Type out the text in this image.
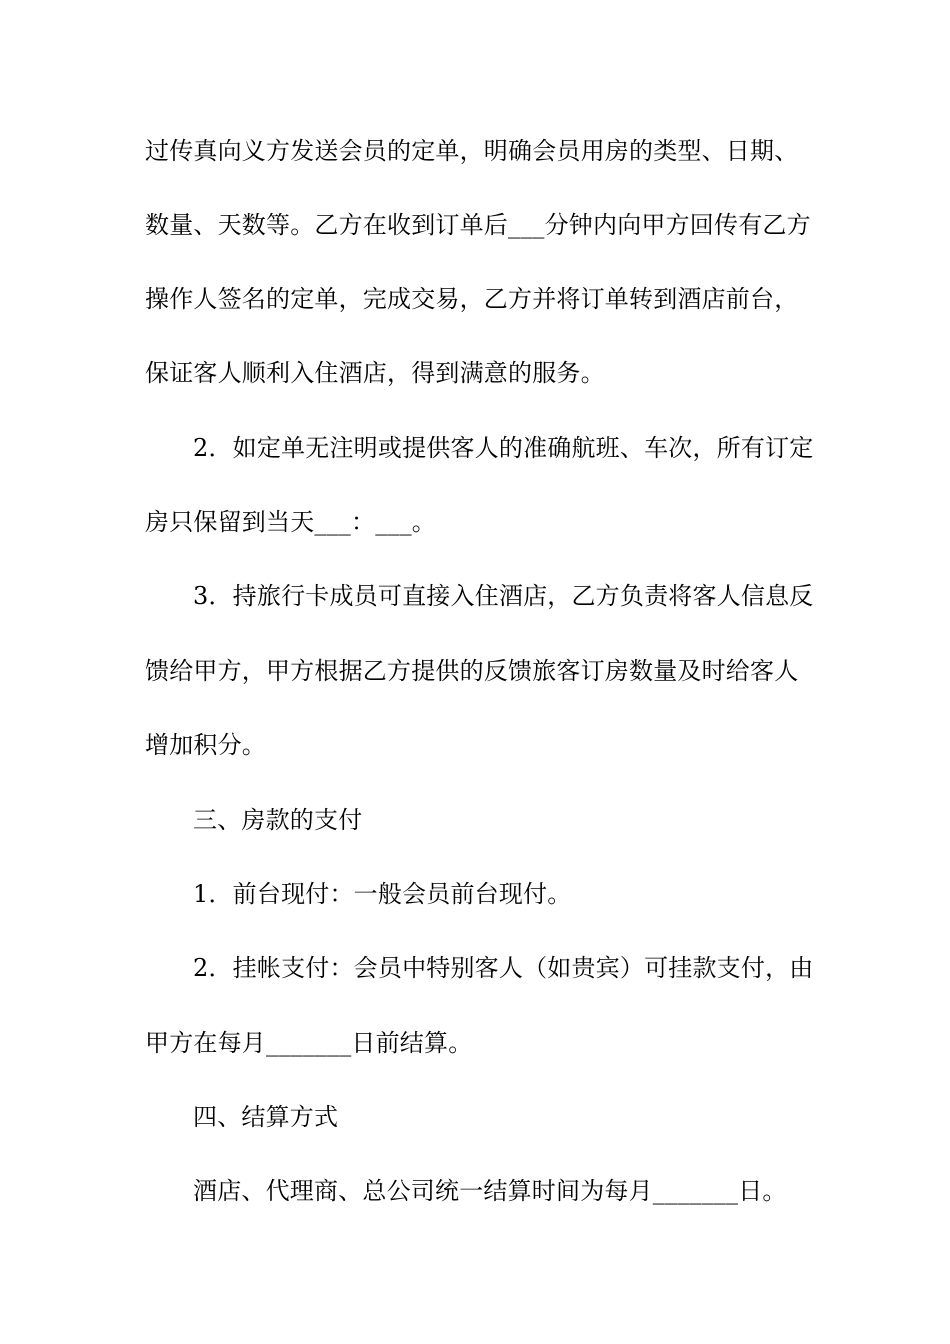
过传真向义方发送会员的定单，明确会员用房的类型、日期、
数量、天数等。乙方在收到订单后___分钟内向甲方回传有乙方
操作人签名的定单，完成交易，乙方并将订单转到酒店前台，
保证客人顺利入住酒店，得到满意的服务。
2．如定单无注明或提供客人的准确航班、车次，所有订定
房只保留到当天___：___。
3．持旅行卡成员可直接入住酒店，乙方负责将客人信息反
馈给甲方，甲方根据乙方提供的反馈旅客订房数量及时给客人
增加积分。
三、房款的支付
1．前台现付：一般会员前台现付。
2．挂帐支付：会员中特别客人（如贵宾）可挂款支付，由
甲方在每月_______日前结算。
四、结算方式
酒店、代理商、总公司统一结算时间为每月_______日。
